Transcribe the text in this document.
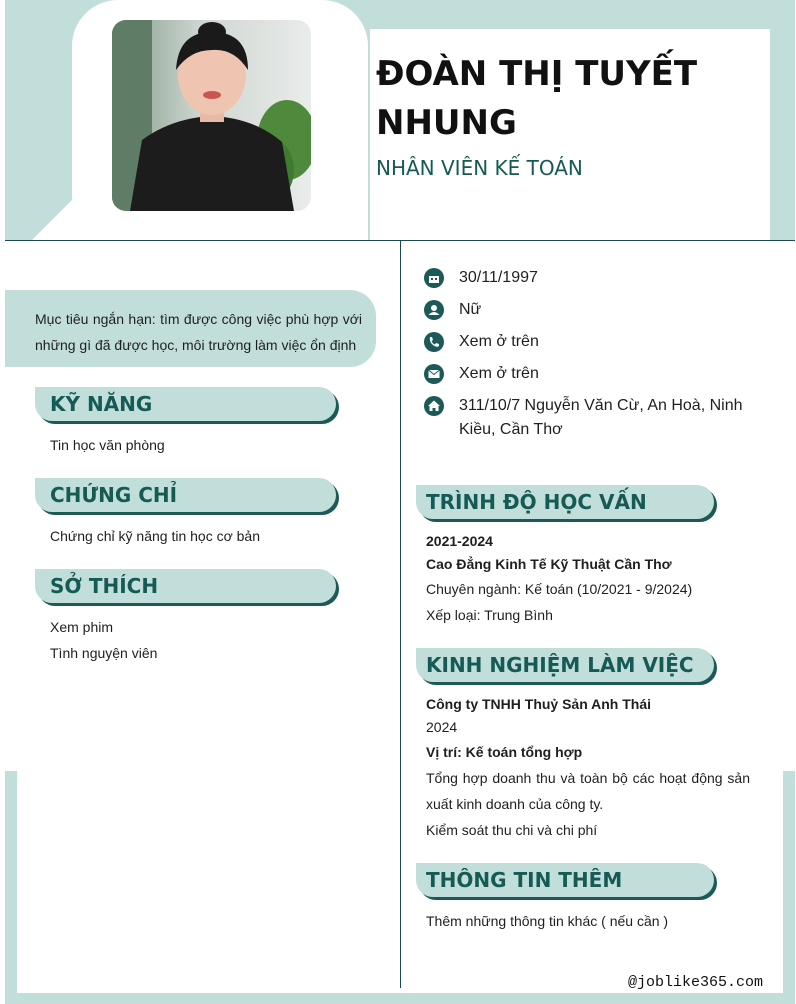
ĐOÀN THỊ TUYẾT NHUNG
NHÂN VIÊN KẾ TOÁN
30/11/1997
Nữ
Xem ở trên
Xem ở trên
311/10/7 Nguyễn Văn Cừ, An Hoà, Ninh Kiều, Cần Thơ
Mục tiêu ngắn hạn: tìm được công việc phù hợp với những gì đã được học, môi trường làm việc ổn định
KỸ NĂNG
Tin học văn phòng
CHỨNG CHỈ
Chứng chỉ kỹ năng tin học cơ bản
SỞ THÍCH
Xem phim
Tình nguyện viên
TRÌNH ĐỘ HỌC VẤN
2021-2024
Cao Đẳng Kinh Tế Kỹ Thuật Cần Thơ
Chuyên ngành: Kế toán (10/2021 - 9/2024)
Xếp loại: Trung Bình
KINH NGHIỆM LÀM VIỆC
Công ty TNHH Thuỷ Sản Anh Thái
2024
Vị trí: Kế toán tổng hợp
Tổng hợp doanh thu và toàn bộ các hoạt động sản xuất kinh doanh của công ty.
Kiểm soát thu chi và chi phí
THÔNG TIN THÊM
Thêm những thông tin khác ( nếu cần )
@joblike365.com
